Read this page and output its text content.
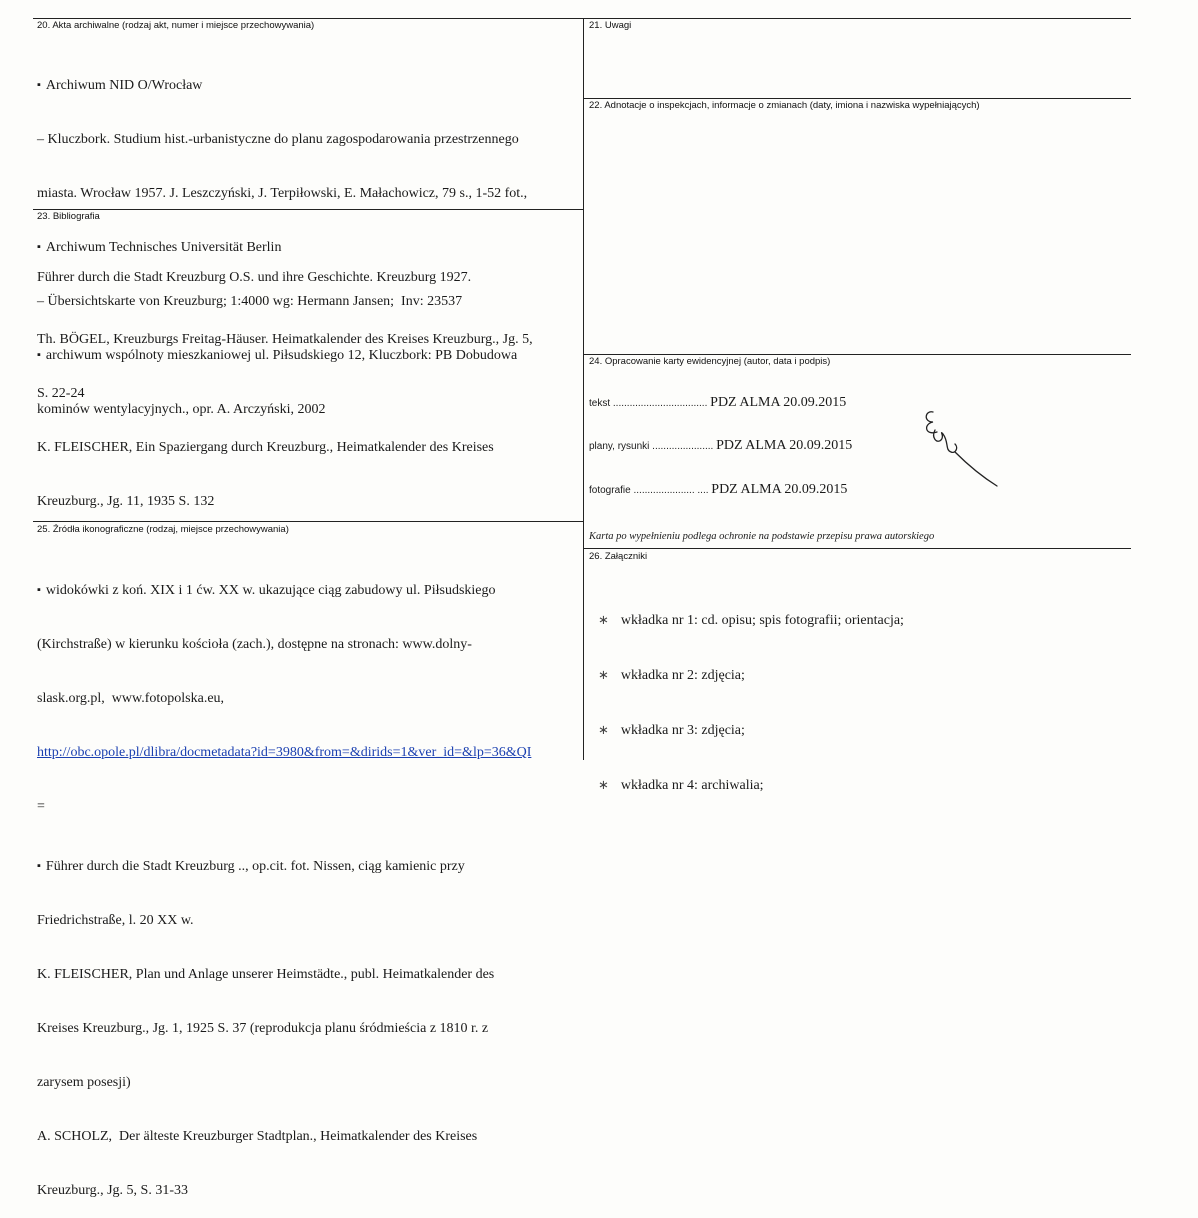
20. Akta archiwalne (rodzaj akt, numer i miejsce przechowywania)

▪ Archiwum NID O/Wrocław

– Kluczbork. Studium hist.-urbanistyczne do planu zagospodarowania przestrzennego

miasta. Wrocław 1957. J. Leszczyński, J. Terpiłowski, E. Małachowicz, 79 s., 1-52 fot.,

▪ Archiwum Technisches Universität Berlin

– Übersichtskarte von Kreuzburg; 1:4000 wg: Hermann Jansen;  Inv: 23537

▪ archiwum wspólnoty mieszkaniowej ul. Piłsudskiego 12, Kluczbork: PB Dobudowa

kominów wentylacyjnych., opr. A. Arczyński, 2002

21. Uwagi
22. Adnotacje o inspekcjach, informacje o zmianach (daty, imiona i nazwiska wypełniających)
23. Bibliografia

Führer durch die Stadt Kreuzburg O.S. und ihre Geschichte. Kreuzburg 1927.

Th. BÖGEL, Kreuzburgs Freitag-Häuser. Heimatkalender des Kreises Kreuzburg., Jg. 5,

S. 22-24

K. FLEISCHER, Ein Spaziergang durch Kreuzburg., Heimatkalender des Kreises

Kreuzburg., Jg. 11, 1935 S. 132

24. Opracowanie karty ewidencyjnej (autor, data i podpis)
tekst .................................. PDZ ALMA 20.09.2015
plany, rysunki ...................... PDZ ALMA 20.09.2015
fotografie ...................... .... PDZ ALMA 20.09.2015
Karta po wypełnieniu podlega ochronie na podstawie przepisu prawa autorskiego
25. Źródła ikonograficzne (rodzaj, miejsce przechowywania)

▪ widokówki z koń. XIX i 1 ćw. XX w. ukazujące ciąg zabudowy ul. Piłsudskiego

(Kirchstraße) w kierunku kościoła (zach.), dostępne na stronach: www.dolny-

slask.org.pl,  www.fotopolska.eu,

http://obc.opole.pl/dlibra/docmetadata?id=3980&from=&dirids=1&ver_id=&lp=36&QI

=

▪ Führer durch die Stadt Kreuzburg .., op.cit. fot. Nissen, ciąg kamienic przy

Friedrichstraße, l. 20 XX w.

K. FLEISCHER, Plan und Anlage unserer Heimstädte., publ. Heimatkalender des

Kreises Kreuzburg., Jg. 1, 1925 S. 37 (reprodukcja planu śródmieścia z 1810 r. z

zarysem posesji)

A. SCHOLZ,  Der älteste Kreuzburger Stadtplan., Heimatkalender des Kreises

Kreuzburg., Jg. 5, S. 31-33

26. Załączniki

∗ wkładka nr 1: cd. opisu; spis fotografii; orientacja;

∗ wkładka nr 2: zdjęcia;

∗ wkładka nr 3: zdjęcia;

∗ wkładka nr 4: archiwalia;
